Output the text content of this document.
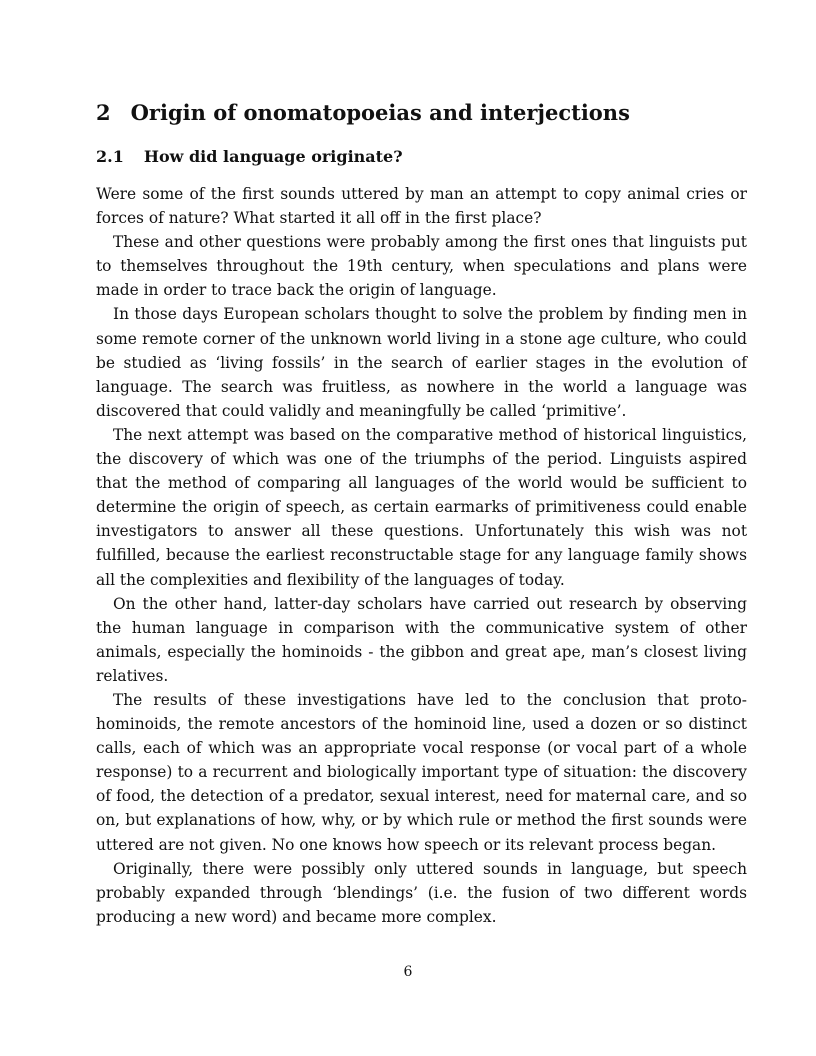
2 Origin of onomatopoeias and interjections
2.1 How did language originate?

Were some of the first sounds uttered by man an attempt to copy animal cries or forces of nature? What started it all off in the first place?

These and other questions were probably among the first ones that linguists put to themselves throughout the 19th century, when speculations and plans were made in order to trace back the origin of language.

In those days European scholars thought to solve the problem by finding men in some remote corner of the unknown world living in a stone age culture, who could be studied as ‘living fossils’ in the search of earlier stages in the evolution of language. The search was fruitless, as nowhere in the world a language was discovered that could validly and meaningfully be called ‘primitive’.

The next attempt was based on the comparative method of historical linguistics, the discovery of which was one of the triumphs of the period. Linguists aspired that the method of comparing all languages of the world would be sufficient to determine the origin of speech, as certain earmarks of primitiveness could enable investigators to answer all these questions. Unfortunately this wish was not fulfilled, because the earliest reconstructable stage for any language family shows all the complexities and flexibility of the languages of today.

On the other hand, latter-day scholars have carried out research by observing the human language in comparison with the communicative system of other animals, especially the hominoids - the gibbon and great ape, man’s closest living relatives.

The results of these investigations have led to the conclusion that proto-hominoids, the remote ancestors of the hominoid line, used a dozen or so distinct calls, each of which was an appropriate vocal response (or vocal part of a whole response) to a recurrent and biologically important type of situation: the discovery of food, the detection of a predator, sexual interest, need for maternal care, and so on, but explanations of how, why, or by which rule or method the first sounds were uttered are not given. No one knows how speech or its relevant process began.

Originally, there were possibly only uttered sounds in language, but speech probably expanded through ‘blendings’ (i.e. the fusion of two different words producing a new word) and became more complex.

6
